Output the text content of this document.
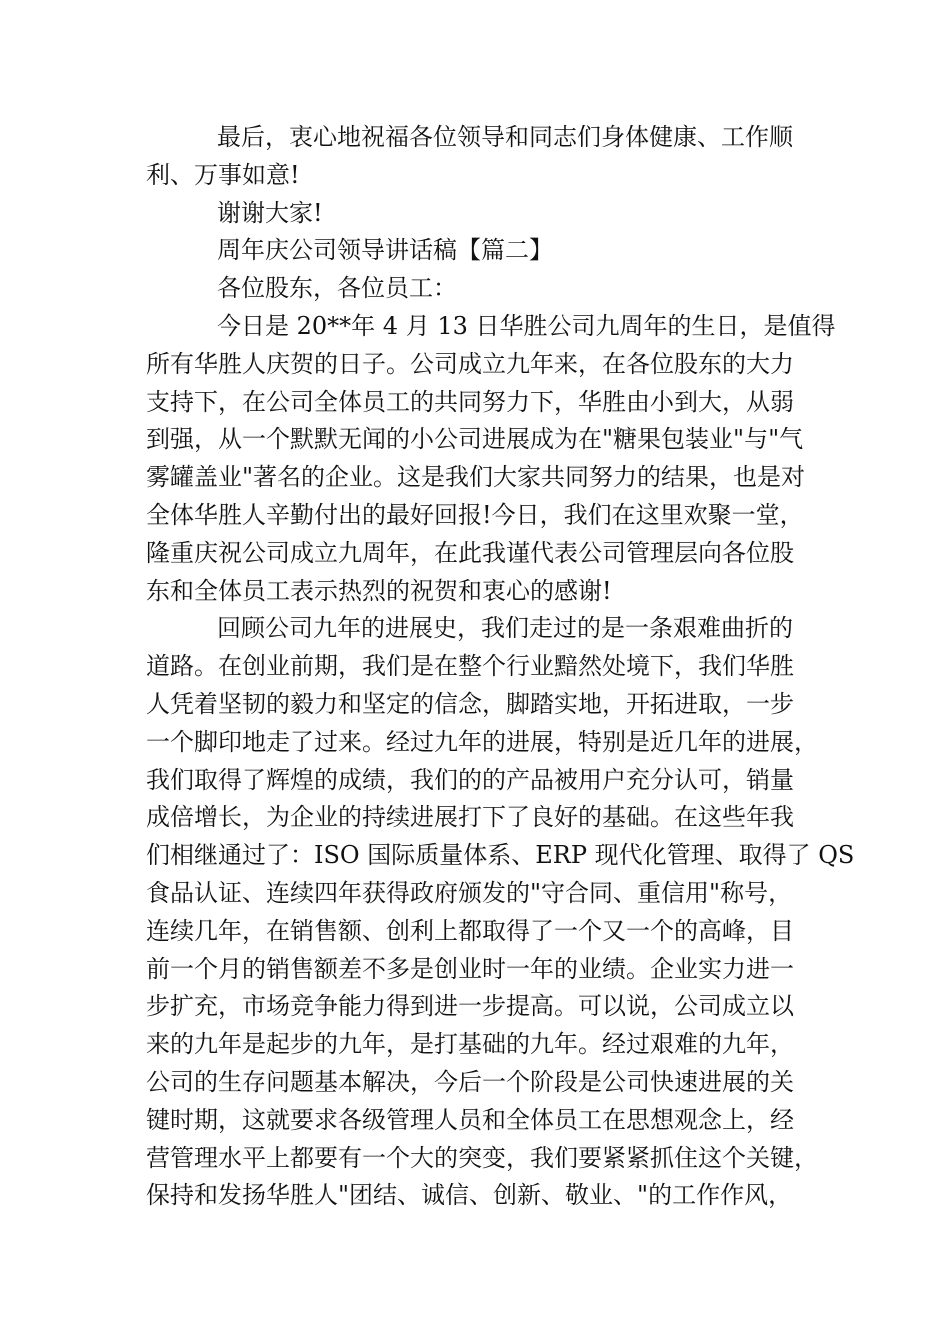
最后，衷心地祝福各位领导和同志们身体健康、工作顺
利、万事如意!
谢谢大家!
周年庆公司领导讲话稿【篇二】
各位股东，各位员工：
今日是 20**年 4 月 13 日华胜公司九周年的生日，是值得
所有华胜人庆贺的日子。公司成立九年来，在各位股东的大力
支持下，在公司全体员工的共同努力下，华胜由小到大，从弱
到强，从一个默默无闻的小公司进展成为在"糖果包装业"与"气
雾罐盖业"著名的企业。这是我们大家共同努力的结果，也是对
全体华胜人辛勤付出的最好回报!今日，我们在这里欢聚一堂，
隆重庆祝公司成立九周年，在此我谨代表公司管理层向各位股
东和全体员工表示热烈的祝贺和衷心的感谢!
回顾公司九年的进展史，我们走过的是一条艰难曲折的
道路。在创业前期，我们是在整个行业黯然处境下，我们华胜
人凭着坚韧的毅力和坚定的信念，脚踏实地，开拓进取，一步
一个脚印地走了过来。经过九年的进展，特别是近几年的进展，
我们取得了辉煌的成绩，我们的的产品被用户充分认可，销量
成倍增长，为企业的持续进展打下了良好的基础。在这些年我
们相继通过了：ISO 国际质量体系、ERP 现代化管理、取得了 QS
食品认证、连续四年获得政府颁发的"守合同、重信用"称号，
连续几年，在销售额、创利上都取得了一个又一个的高峰，目
前一个月的销售额差不多是创业时一年的业绩。企业实力进一
步扩充，市场竞争能力得到进一步提高。可以说，公司成立以
来的九年是起步的九年，是打基础的九年。经过艰难的九年，
公司的生存问题基本解决，今后一个阶段是公司快速进展的关
键时期，这就要求各级管理人员和全体员工在思想观念上，经
营管理水平上都要有一个大的突变，我们要紧紧抓住这个关键，
保持和发扬华胜人"团结、诚信、创新、敬业、"的工作作风，
